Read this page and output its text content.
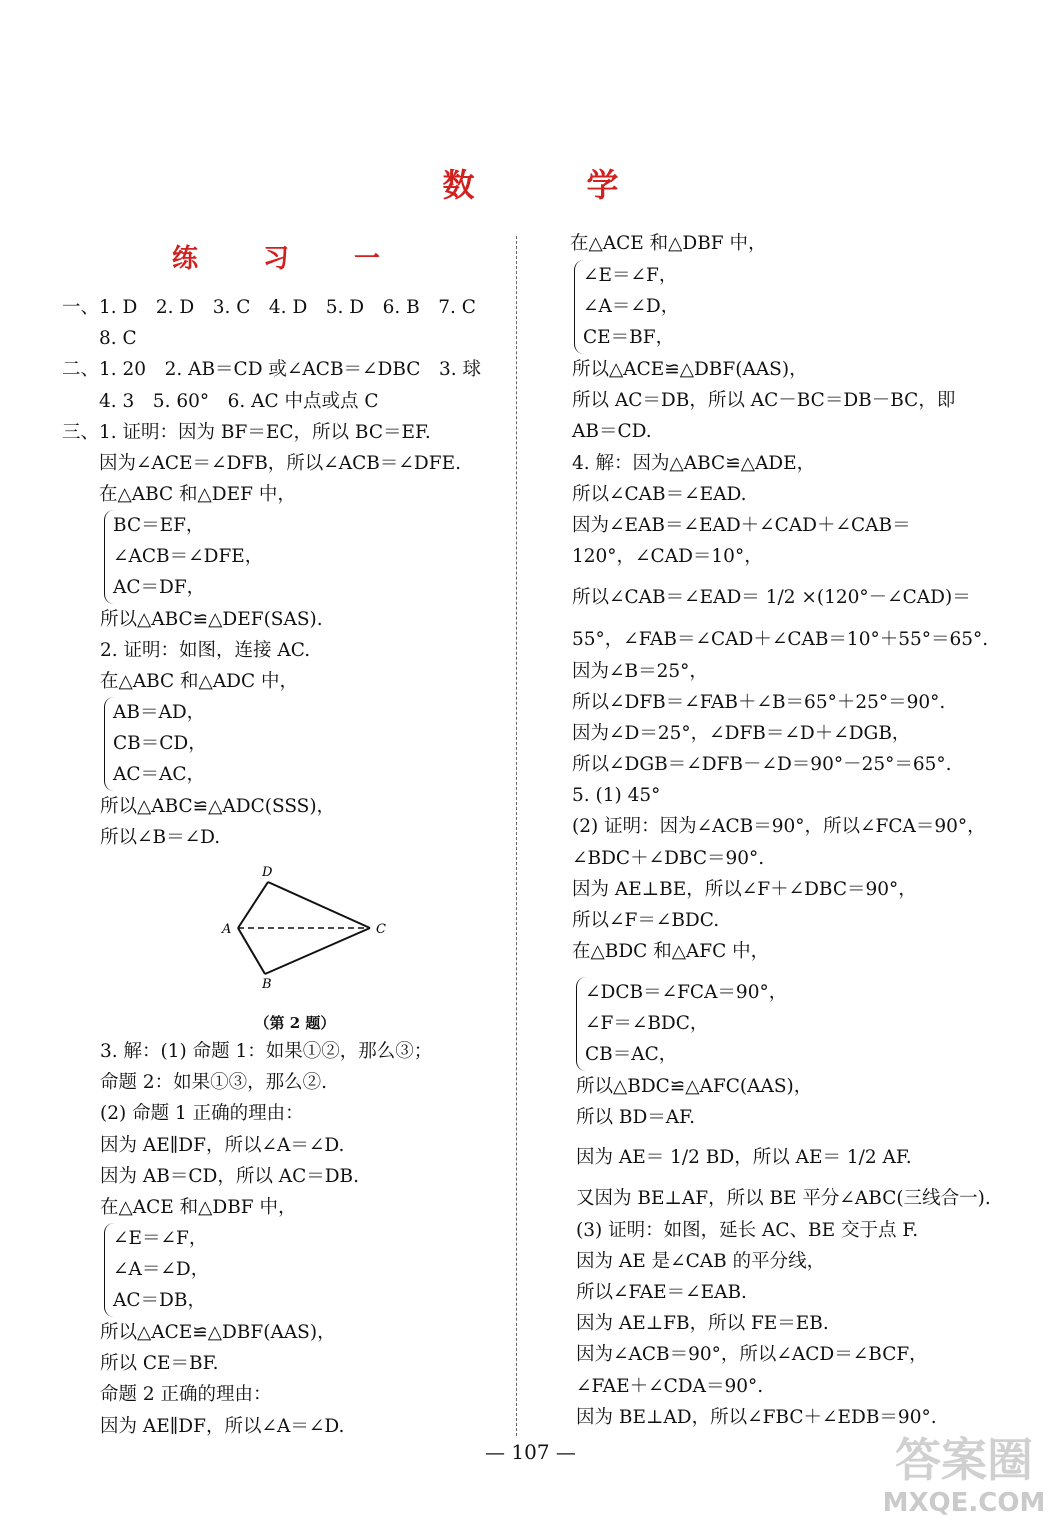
数　学
练 习 一
一、1. D　2. D　3. C　4. D　5. D　6. B　7. C
　　8. C
二、1. 20　2. AB＝CD 或∠ACB＝∠DBC　3. 球
　　4. 3　5. 60°　6. AC 中点或点 C
三、1. 证明：因为 BF＝EC，所以 BC＝EF.
　　因为∠ACE＝∠DFB，所以∠ACB＝∠DFE.
　　在△ABC 和△DEF 中，
BC＝EF，
∠ACB＝∠DFE，
AC＝DF，
所以△ABC≌△DEF(SAS).
2. 证明：如图，连接 AC.
在△ABC 和△ADC 中，
AB＝AD，
CB＝CD，
AC＝AC，
所以△ABC≌△ADC(SSS)，
所以∠B＝∠D.
D
A	C
B
（第 2 题）
3. 解：(1) 命题 1：如果①②，那么③；
命题 2：如果①③，那么②.
(2) 命题 1 正确的理由：
因为 AE∥DF，所以∠A＝∠D.
因为 AB＝CD，所以 AC＝DB.
在△ACE 和△DBF 中，
∠E＝∠F，
∠A＝∠D，
AC＝DB，
所以△ACE≌△DBF(AAS)，
所以 CE＝BF.
命题 2 正确的理由：
因为 AE∥DF，所以∠A＝∠D.
在△ACE 和△DBF 中，
∠E＝∠F，
∠A＝∠D，
CE＝BF，
所以△ACE≌△DBF(AAS)，
所以 AC＝DB，所以 AC－BC＝DB－BC，即
AB＝CD.
4. 解：因为△ABC≌△ADE，
所以∠CAB＝∠EAD.
因为∠EAB＝∠EAD＋∠CAD＋∠CAB＝
120°，∠CAD＝10°，
所以∠CAB＝∠EAD＝ 1/2 ×(120°－∠CAD)＝
55°，∠FAB＝∠CAD＋∠CAB＝10°＋55°＝65°.
因为∠B＝25°，
所以∠DFB＝∠FAB＋∠B＝65°＋25°＝90°.
因为∠D＝25°，∠DFB＝∠D＋∠DGB，
所以∠DGB＝∠DFB－∠D＝90°－25°＝65°.
5. (1) 45°
(2) 证明：因为∠ACB＝90°，所以∠FCA＝90°，
∠BDC＋∠DBC＝90°.
因为 AE⊥BE，所以∠F＋∠DBC＝90°，
所以∠F＝∠BDC.
在△BDC 和△AFC 中，
∠DCB＝∠FCA＝90°，
∠F＝∠BDC，
CB＝AC，
所以△BDC≌△AFC(AAS)，
所以 BD＝AF.
因为 AE＝ 1/2 BD，所以 AE＝ 1/2 AF.
又因为 BE⊥AF，所以 BE 平分∠ABC(三线合一).
(3) 证明：如图，延长 AC、BE 交于点 F.
因为 AE 是∠CAB 的平分线，
所以∠FAE＝∠EAB.
因为 AE⊥FB，所以 FE＝EB.
因为∠ACB＝90°，所以∠ACD＝∠BCF，
∠FAE＋∠CDA＝90°.
因为 BE⊥AD，所以∠FBC＋∠EDB＝90°.
— 107 —	答案圈
MXQE.COM
